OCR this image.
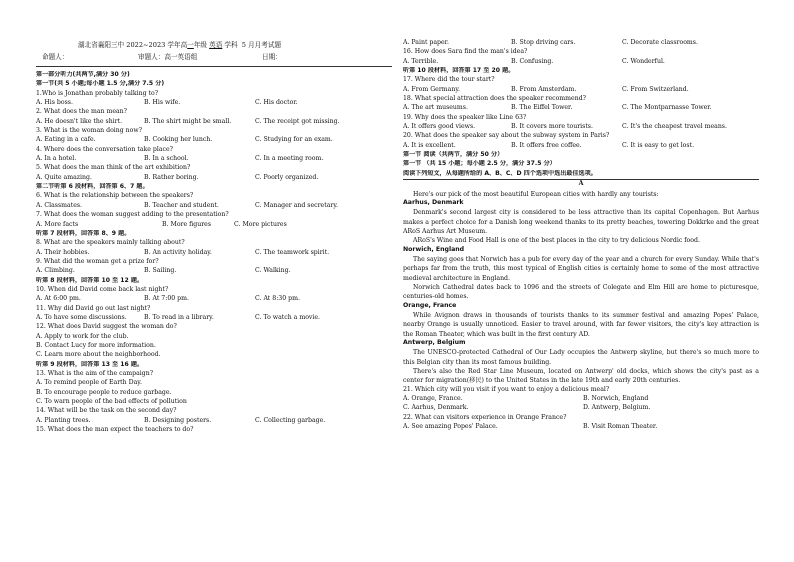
湖北省襄阳三中 2022~2023 学年高一年级 英语 学科 5 月月考试题
命题人：	审题人：高一英语组	日期：
第一部分听力(共两节,满分 30 分)
第一节(共 5 小题;每小题 1.5 分,满分 7.5 分)
1.Who is Jonathan probably talking to?
A. His boss.	B. His wife.	C. His doctor.
2. What does the man mean?
A. He doesn't like the shirt.	B. The shirt might be small.	C. The receipt got missing.
3. What is the woman doing now?
A. Eating in a cafe.	B. Cooking her lunch.	C. Studying for an exam.
4. Where does the conversation take place?
A. In a hotel.	B. In a school.	C. In a meeting room.
5. What does the man think of the art exhibition?
A. Quite amazing.	B. Rather boring.	C. Poorly organized.
第二节听第 6 段材料，回答第 6、7 题。
6. What is the relationship between the speakers?
A. Classmates.	B. Teacher and student.	C. Manager and secretary.
7. What does the woman suggest adding to the presentation?
A. More facts	B. More figures	C. More pictures
听第 7 段材料，回答第 8、9 题。
8. What are the speakers mainly talking about?
A. Their hobbies.	B. An activity holiday.	C. The teamwork spirit.
9. What did the woman get a prize for?
A. Climbing.	B. Sailing.	C. Walking.
听第 8 段材料，回答第 10 至 12 题。
10. When did David come back last night?
A. At 6:00 pm.	B. At 7:00 pm.	C. At 8:30 pm.
11. Why did David go out last night?
A. To have some discussions.	B. To read in a library.	C. To watch a movie.
12. What does David suggest the woman do?
A. Apply to work for the club.
B. Contact Lucy for more information.
C. Learn more about the neighborhood.
听第 9 段材料，回答第 13 至 16 题。
13. What is the aim of the campaign?
A. To remind people of Earth Day.
B. To encourage people to reduce garbage.
C. To warn people of the bad effects of pollution
14. What will be the task on the second day?
A. Planting trees.	B. Designing posters.	C. Collecting garbage.
15. What does the man expect the teachers to do?
A. Paint paper.	B. Stop driving cars.	C. Decorate classrooms.
16. How does Sara find the man's idea?
A. Terrible.	B. Confusing.	C. Wonderful.
听第 10 段材料，回答第 17 至 20 题。
17. Where did the tour start?
A. From Germany.	B. From Amsterdam.	C. From Switzerland.
18. What special attraction does the speaker recommend?
A. The art museums.	B. The Eiffel Tower.	C. The Montparnasse Tower.
19. Why does the speaker like Line 63?
A. It offers good views.	B. It covers more tourists.	C. It's the cheapest travel means.
20. What does the speaker say about the subway system in Paris?
A. It is excellent.	B. It offers free coffee.	C. It is easy to get lost.
第一节 阅读（共两节，满分 50 分）
第一节 （共 15 小题；每小题 2.5 分，满分 37.5 分）
阅读下列短文，从每题所给的 A、B、C、D 四个选项中选出最佳选项。
A
Here's our pick of the most beautiful European cities with hardly any tourists:
Aarhus, Denmark
Denmark's second largest city is considered to be less attractive than its capital Copenhagen. But Aarhus makes a perfect choice for a Danish long weekend thanks to its pretty beaches, towering Dokkrke and the great ARoS Aarhus Art Museum.
ARoS's Wine and Food Hall is one of the best places in the city to try delicious Nordic food.
Norwich, England
The saying goes that Norwich has a pub for every day of the year and a church for every Sunday. While that's perhaps far from the truth, this most typical of English cities is certainly home to some of the most attractive medieval architecture in England.
Norwich Cathedral dates back to 1096 and the streets of Colegate and Elm Hill are home to picturesque, centuries-old homes.
Orange, France
While Avignon draws in thousands of tourists thanks to its summer festival and amazing Popes' Palace, nearby Orange is usually unnoticed. Easier to travel around, with far fewer visitors, the city's key attraction is the Roman Theater, which was built in the first century AD.
Antwerp, Belgium
The UNESCO-protected Cathedral of Our Lady occupies the Antwerp skyline, but there's so much more to this Belgian city than its most famous building.
There's also the Red Star Line Museum, located on Antwerp' old docks, which shows the city's past as a center for migration(移民) to the United States in the late 19th and early 20th centuries.
21. Which city will you visit if you want to enjoy a delicious meal?
A. Orange, France.	B. Norwich, England
C. Aarhus, Denmark.	D. Antwerp, Belgium.
22. What can visitors experience in Orange France?
A. See amazing Popes' Palace.	B. Visit Roman Theater.
